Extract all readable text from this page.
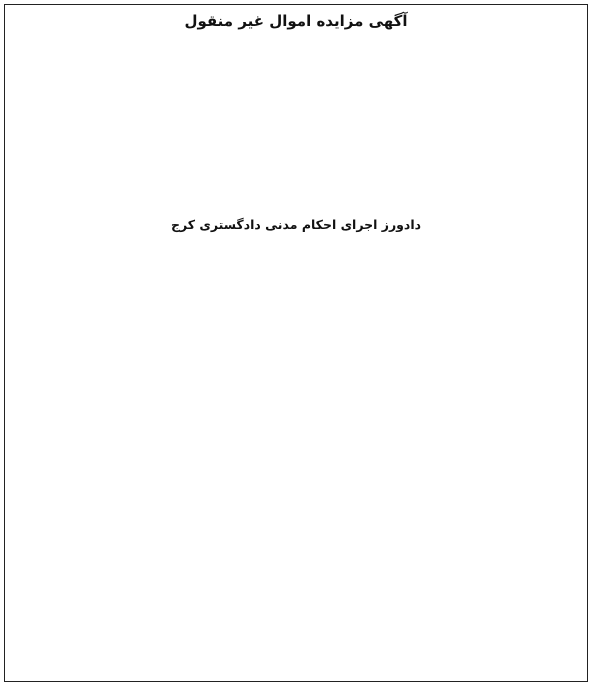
آگهی مزایده اموال غیر منقول

دادورز اجرای احکام مدنی دادگستری کرج
